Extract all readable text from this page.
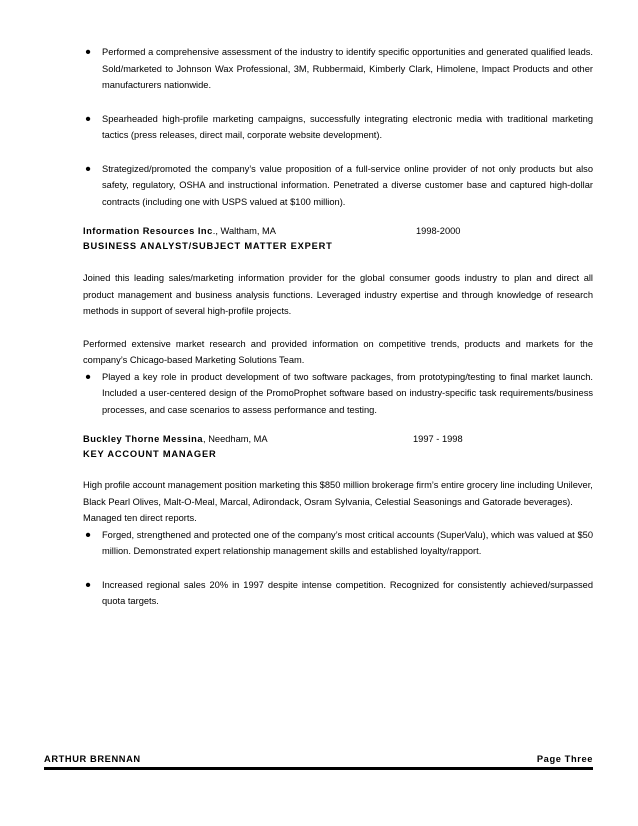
• Performed a comprehensive assessment of the industry to identify specific opportunities and generated qualified leads. Sold/marketed to Johnson Wax Professional, 3M, Rubbermaid, Kimberly Clark, Himolene, Impact Products and other manufacturers nationwide.

• Spearheaded high-profile marketing campaigns, successfully integrating electronic media with traditional marketing tactics (press releases, direct mail, corporate website development).

• Strategized/promoted the company’s value proposition of a full-service online provider of not only products but also safety, regulatory, OSHA and instructional information. Penetrated a diverse customer base and captured high-dollar contracts (including one with USPS valued at $100 million).

Information Resources Inc., Waltham, MA	1998-2000
BUSINESS ANALYST/SUBJECT MATTER EXPERT

Joined this leading sales/marketing information provider for the global consumer goods industry to plan and direct all product management and business analysis functions. Leveraged industry expertise and through knowledge of research methods in support of several high-profile projects.

Performed extensive market research and provided information on competitive trends, products and markets for the company’s Chicago-based Marketing Solutions Team.

• Played a key role in product development of two software packages, from prototyping/testing to final market launch. Included a user-centered design of the PromoProphet software based on industry-specific task requirements/business processes, and case scenarios to assess performance and testing.

Buckley Thorne Messina, Needham, MA	1997 - 1998
KEY ACCOUNT MANAGER

High profile account management position marketing this $850 million brokerage firm’s entire grocery line including Unilever, Black Pearl Olives, Malt-O-Meal, Marcal, Adirondack, Osram Sylvania, Celestial Seasonings and Gatorade beverages). Managed ten direct reports.

• Forged, strengthened and protected one of the company’s most critical accounts (SuperValu), which was valued at $50 million. Demonstrated expert relationship management skills and established loyalty/rapport.

• Increased regional sales 20% in 1997 despite intense competition. Recognized for consistently achieved/surpassed quota targets.

ARTHUR BRENNAN	Page Three
